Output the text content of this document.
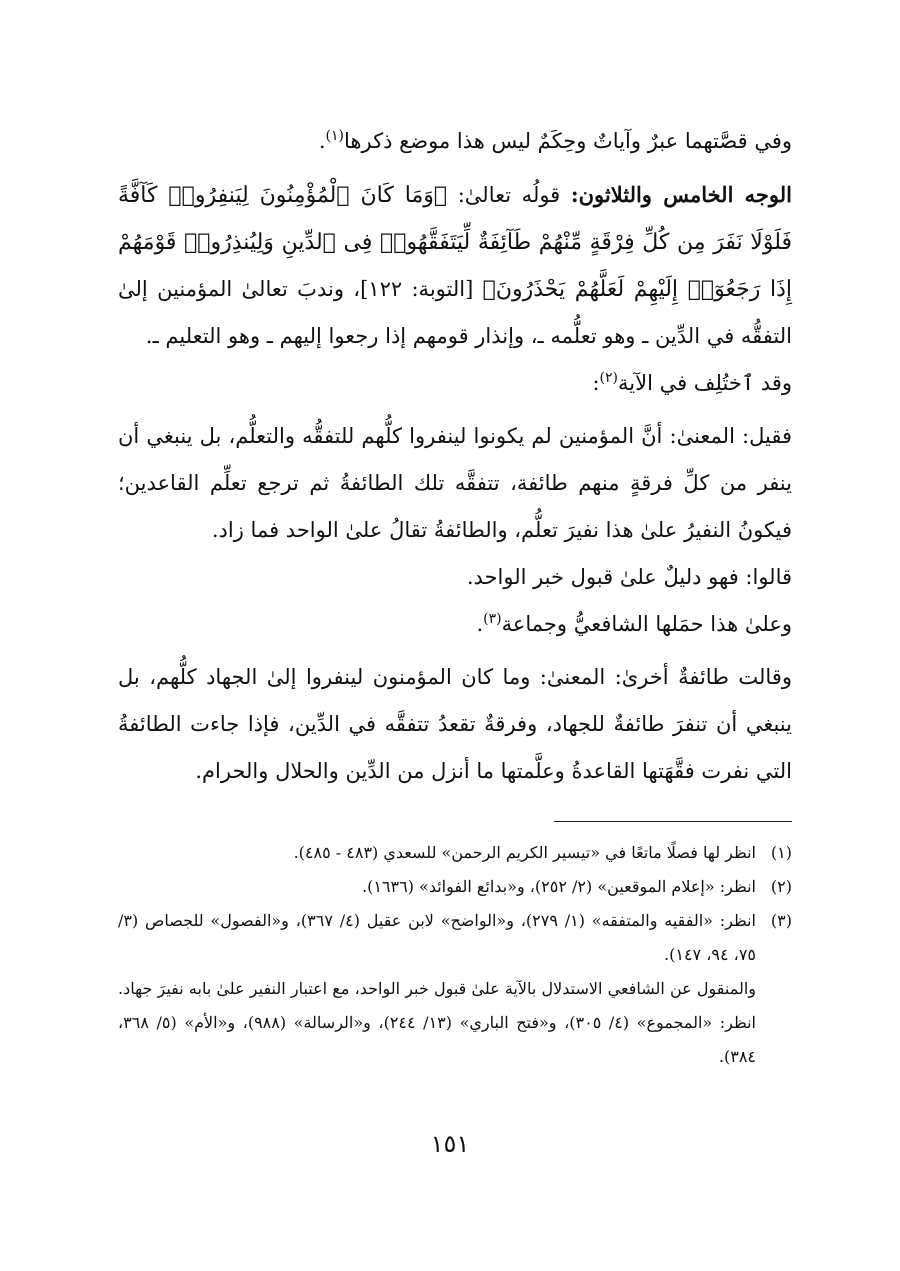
وفي قصَّتهما عبرٌ وآياتٌ وحِكَمٌ ليس هذا موضع ذكرها$^{(١)}$.

الوجه الخامس والثلاثون: قولُه تعالىٰ: ﴿وَمَا كَانَ ٱلْمُؤْمِنُونَ لِيَنفِرُوا۟ كَآفَّةً فَلَوْلَا نَفَرَ مِن كُلِّ فِرْقَةٍ مِّنْهُمْ طَآئِفَةٌ لِّيَتَفَقَّهُوا۟ فِى ٱلدِّينِ وَلِيُنذِرُوا۟ قَوْمَهُمْ إِذَا رَجَعُوٓا۟ إِلَيْهِمْ لَعَلَّهُمْ يَحْذَرُونَ﴾ [التوبة: ١٢٢]، وندبَ تعالىٰ المؤمنين إلىٰ التفقُّه في الدِّين ـ وهو تعلُّمه ـ، وإنذار قومهم إذا رجعوا إليهم ـ وهو التعليم ـ.

وقد ٱختُلِف في الآية$^{(٢)}$:

فقيل: المعنىٰ: أنَّ المؤمنين لم يكونوا لينفروا كلُّهم للتفقُّه والتعلُّم، بل ينبغي أن ينفر من كلِّ فرقةٍ منهم طائفة، تتفقَّه تلك الطائفةُ ثم ترجع تعلِّم القاعدين؛ فيكونُ النفيرُ علىٰ هذا نفيرَ تعلُّم، والطائفةُ تقالُ علىٰ الواحد فما زاد.

قالوا: فهو دليلٌ علىٰ قبول خبر الواحد.

وعلىٰ هذا حمَلها الشافعيُّ وجماعة$^{(٣)}$.

وقالت طائفةٌ أخرىٰ: المعنىٰ: وما كان المؤمنون لينفروا إلىٰ الجهاد كلُّهم، بل ينبغي أن تنفرَ طائفةٌ للجهاد، وفرقةٌ تقعدُ تتفقَّه في الدِّين، فإذا جاءت الطائفةُ التي نفرت فقَّهَتها القاعدةُ وعلَّمتها ما أنزل من الدِّين والحلال والحرام.

(١)
انظر لها فصلًا ماتعًا في «تيسير الكريم الرحمن» للسعدي (٤٨٣ - ٤٨٥).
(٢)
انظر: «إعلام الموقعين» (٢/ ٢٥٢)، و«بدائع الفوائد» (١٦٣٦).
(٣)
انظر: «الفقيه والمتفقه» (١/ ٢٧٩)، و«الواضح» لابن عقيل (٤/ ٣٦٧)، و«الفصول» للجصاص (٣/ ٧٥، ٩٤، ١٤٧).
والمنقول عن الشافعي الاستدلال بالآية علىٰ قبول خبر الواحد، مع اعتبار النفير علىٰ بابه نفيرَ جهاد. انظر: «المجموع» (٤/ ٣٠٥)، و«فتح الباري» (١٣/ ٢٤٤)، و«الرسالة» (٩٨٨)، و«الأم» (٥/ ٣٦٨، ٣٨٤).
١٥١
